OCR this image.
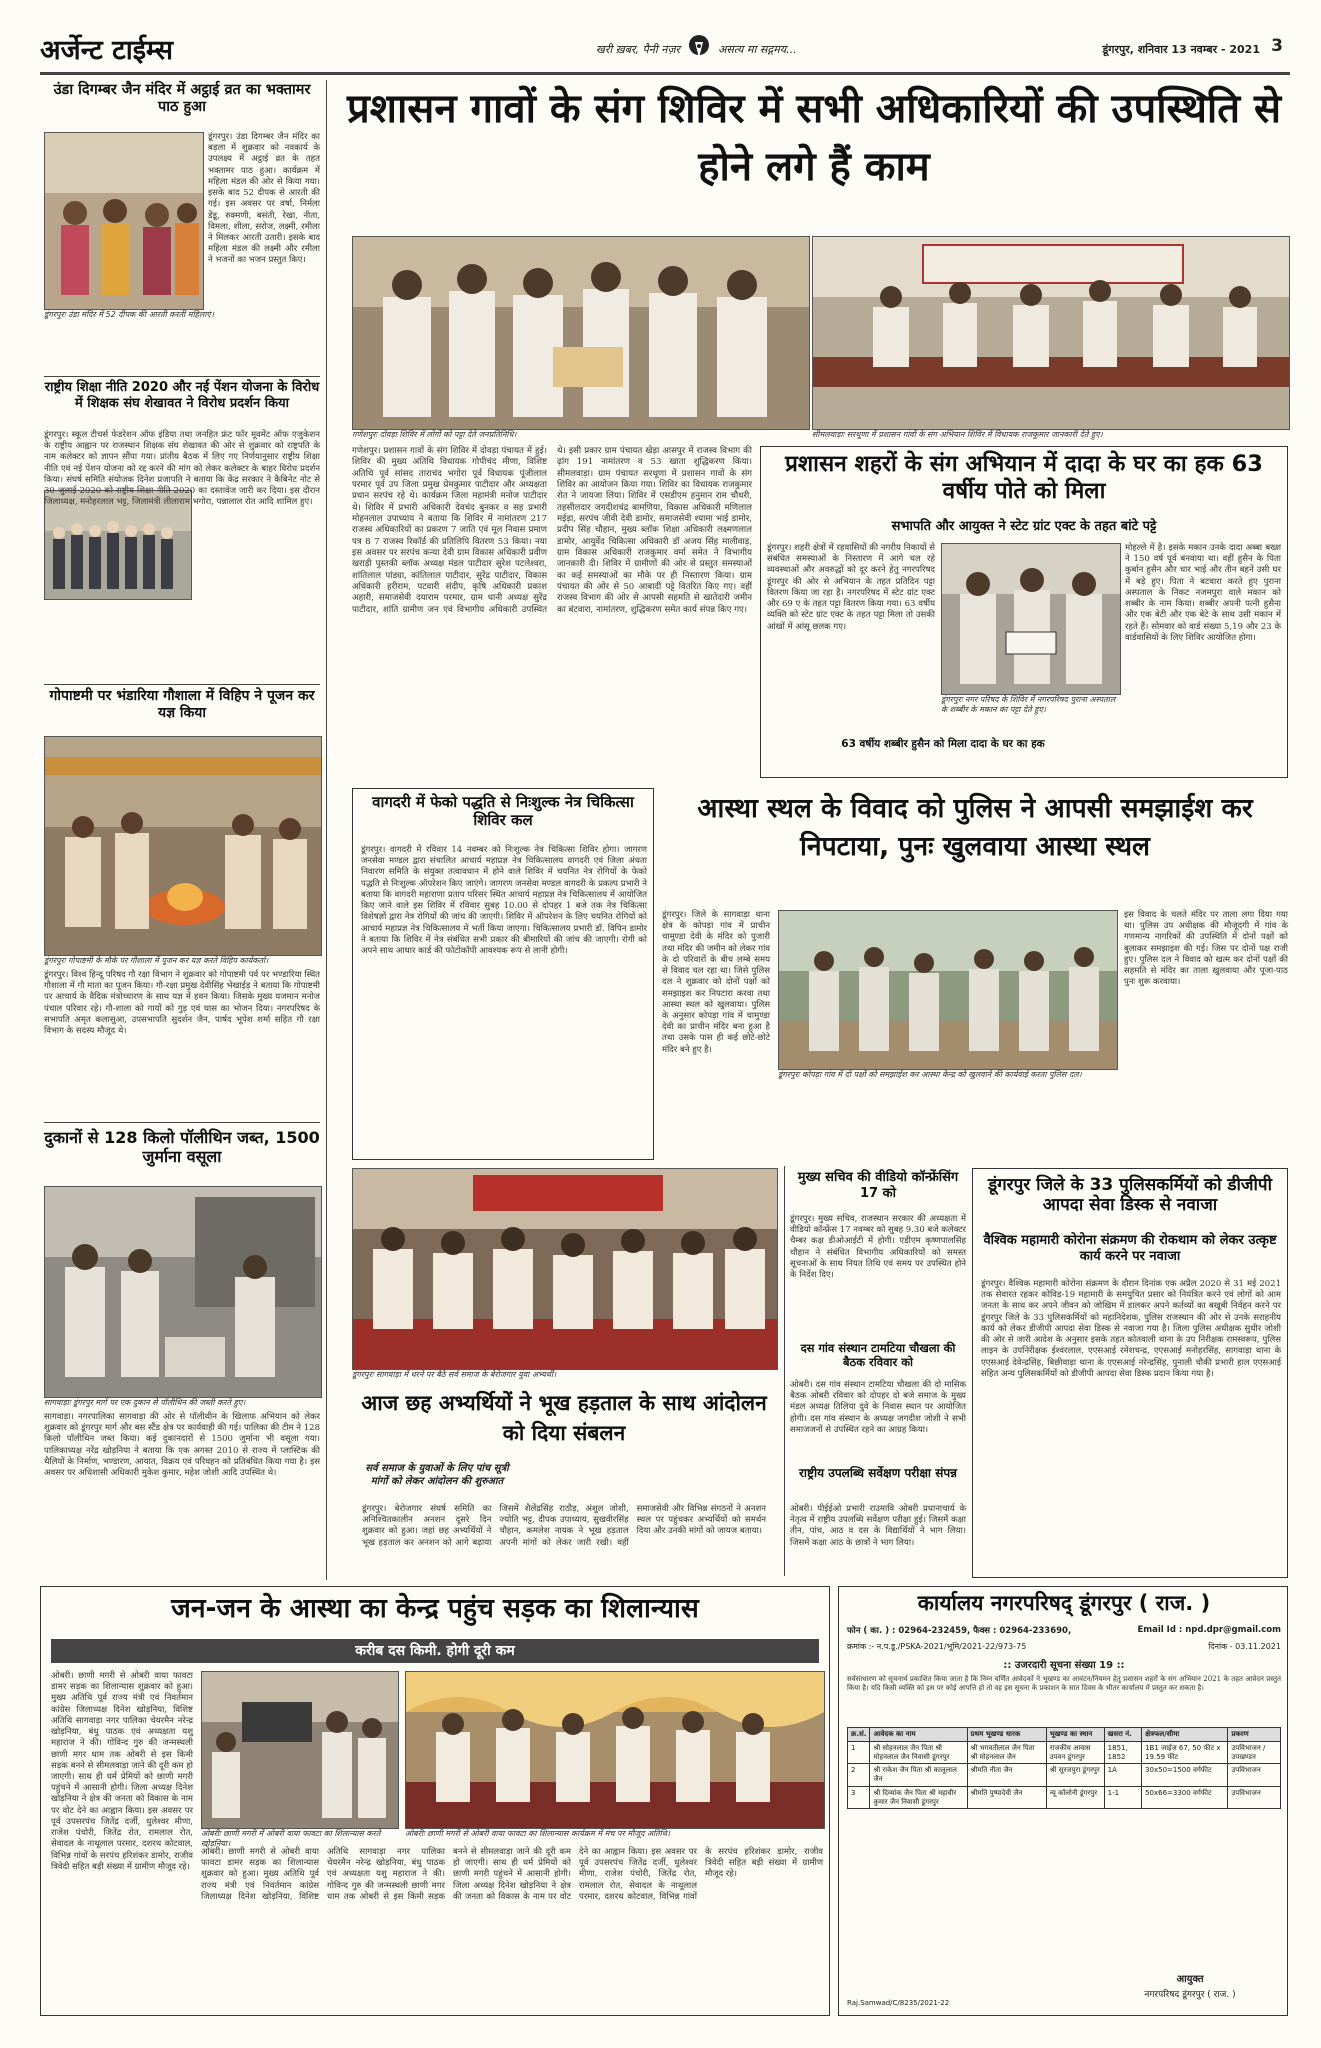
अर्जेन्ट टाईम्स	खरी ख़बर, पैनी नज़र	असत्य मा सद्गमय...	डूंगरपुर, शनिवार 13 नवम्बर - 2021 3
उंडा दिगम्बर जैन मंदिर में अट्ठाई व्रत का भक्तामर पाठ हुआ
डूंगरपुर। उंडा दिगम्बर जैन मंदिर का बड़ला में शुक्रवार को नवकार्य के उपलक्ष्य में अट्ठाई व्रत के तहत भक्तामर पाठ हुआ। कार्यक्रम में महिला मंडल की ओर से किया गया। इसके बाद 52 दीपक से आरती की गई। इस अवसर पर वर्षा, निर्मला डेंडू, रुक्मणी, बसंती, रेखा, नीता, विमला, शीला, सरोज, लक्ष्मी, रमीला ने मिलकर आरती उतारी। इसके बाद महिला मंडल की लक्ष्मी और रमीला ने भजनों का भजन प्रस्तुत किए।
डूंगरपुरः उंडा मंदिर में 52 दीपक की आरती करती महिलाएं।
राष्ट्रीय शिक्षा नीति 2020 और नई पेंशन योजना के विरोध में शिक्षक संघ शेखावत ने विरोध प्रदर्शन किया
डूंगरपुर। स्कूल टीचर्स फेडरेशन ऑफ इंडिया तथा जनहित फ्रंट फॉर मूवमेंट ऑफ एजुकेशन के राष्ट्रीय आह्वान पर राजस्थान शिक्षक संघ शेखावत की ओर से शुक्रवार को राष्ट्रपति के नाम कलेक्टर को ज्ञापन सौंपा गया। प्रांतीय बैठक में लिए गए निर्णयानुसार राष्ट्रीय शिक्षा नीति एवं नई पेंशन योजना को रद्द करने की मांग को लेकर कलेक्टर के बाहर विरोध प्रदर्शन किया। संघर्ष समिति संयोजक दिनेश प्रजापति ने बताया कि केंद्र सरकार ने कैबिनेट नोट से 30 जुलाई 2020 को राष्ट्रीय शिक्षा नीति 2020 का दस्तावेज जारी कर दिया। इस दौरान जिलाध्यक्ष, मनोहरलाल भट्ट, जिलामंत्री लीलाराम भगोरा, पन्नालाल रोत आदि शामिल हुए।
गोपाष्टमी पर भंडारिया गौशाला में विहिप ने पूजन कर यज्ञ किया
डूंगरपुरः गोपाष्टमी के मौके पर गौशाला में पूजन कर यज्ञ करते विहिप कार्यकर्ता।
डूंगरपुर। विश्व हिन्दू परिषद गौ रक्षा विभाग ने शुक्रवार को गोपाष्टमी पर्व पर भण्डारिया स्थित गौशाला में गौ माता का पूजन किया। गौ-रक्षा प्रमुख देवीसिंह भेखाईड़ ने बताया कि गोपाष्टमी पर आचार्य के वैदिक मंत्रोच्चारण के साथ यज्ञ में हवन किया। जिसके मुख्य यजमान मनोज पंचाल परिवार रहे। गौ-शाला को गायों को गुड़ एवं घास का भोजन दिया। नगरपरिषद के सभापति अमृत कलासुआ, उपसभापति सुदर्शन जैन, पार्षद भूपेश शर्मा सहित गौ रक्षा विभाग के सदस्य मौजूद थे।
दुकानों से 128 किलो पॉलीथिन जब्त, 1500 जुर्माना वसूला
सागवाड़ाः डूंगरपुर मार्ग पर एक दुकान से पॉलीथिन की जब्ती करते हुए।
सागवाड़ा। नगरपालिका सागवाड़ा की ओर से पॉलीथीन के खिलाफ अभियान को लेकर शुक्रवार को डूंगरपुर मार्ग और बस स्टैंड क्षेत्र पर कार्यवाही की गई। पालिका की टीम ने 128 किलो पॉलीथिन जब्त किया। कई दुकानदारों से 1500 जुर्माना भी वसूला गया। पालिकाध्यक्ष नरेंद्र खोड़निया ने बताया कि एक अगस्त 2010 से राज्य में प्लास्टिक की थैलियों के निर्माण, भण्डारण, आयात, विक्रय एवं परिवहन को प्रतिबंधित किया गया है। इस अवसर पर अधिशासी अधिकारी मुकेश कुमार, महेश जोशी आदि उपस्थित थे।
प्रशासन गावों के संग शिविर में सभी अधिकारियों की उपस्थिति से होने लगे हैं काम
गणेशपुरः दोवड़ा शिविर में लोगों को पट्टा देते जनप्रतिनिधि।	सीमलवाड़ाः सरथूणा में प्रशासन गांवों के संग अभियान शिविर में विधायक राजकुमार जानकारी देते हुए।
गणेशपुर। प्रशासन गावों के संग शिविर में दोवड़ा पंचायत में हुई। शिविर की मुख्य अतिथि विधायक गोपीचंद मीणा, विशिष्ट अतिथि पूर्व सांसद ताराचंद भगोरा पूर्व विधायक पूंजीलाल परमार पूर्व उप जिला प्रमुख प्रेमकुमार पाटीदार और अध्यक्षता प्रधान सरपंच रहे थे। कार्यक्रम जिला महामंत्री मनोज पाटीदार थे। शिविर में प्रभारी अधिकारी देवचंद बुनकर व सह प्रभारी मोहनलाल उपाध्याय ने बताया कि शिविर में नामांतरण 217 राजस्व अधिकारियों का प्रकरण 7 जाति एवं मूल निवास प्रमाण पत्र 8 7 राजस्व रिकॉर्ड की प्रतिलिपि वितरण 53 किया। नया इस अवसर पर सरपंच कन्या देवी ग्राम विकास अधिकारी प्रवीण खराड़ी पुस्तकी ब्लॉक अध्यक्ष मंडल पाटीदार सुरेश पटलेश्वरा, शांतिलाल पांड्या, कांतिलाल पाटीदार, सुरेंद्र पाटीदार, विकास अधिकारी हरीराम, पटवारी संदीप, कृषि अधिकारी प्रकाश अहारी, समाजसेवी दयाराम परमार, ग्राम धानी अध्यक्ष सुरेंद्र पाटीदार, शांति ग्रामीण जन एवं विभागीय अधिकारी उपस्थित थे। इसी प्रकार ग्राम पंचायत खेड़ा आसपुर में राजस्व विभाग की ढ़ांग 191 नामांतरण व 53 खाता शुद्धिकरण किया। सीमलवाड़ा। ग्राम पंचायत सरथूणा में प्रशासन गावों के संग शिविर का आयोजन किया गया। शिविर का विधायक राजकुमार रोत ने जायजा लिया। शिविर में एसडीएम हनुमान राम चौधरी, तहसीलदार जगदीशचंद्र बामणिया, विकास अधिकारी मणिलाल मईड़ा, सरपंच जीवी देवी डामोर, समाजसेवी श्यामा भाई डामोर, प्रदीप सिंह चौहान, मुख्य ब्लॉक शिक्षा अधिकारी लक्ष्मणलाल डामोर, आयुर्वेद चिकित्सा अधिकारी डॉ अजय सिंह मालीवाड़, ग्राम विकास अधिकारी राजकुमार वर्मा समेत ने विभागीय जानकारी दी। शिविर में ग्रामीणों की ओर से प्रस्तुत समस्याओं का कई समस्याओं का मौके पर ही निस्तारण किया। ग्राम पंचायत की ओर से 50 आबादी पट्टे वितरित किए गए। वहीं राजस्व विभाग की ओर से आपसी सहमति से खातेदारी जमीन का बंटवारा, नामांतरण, शुद्धिकरण समेत कार्य संपन्न किए गए।
प्रशासन शहरों के संग अभियान में दादा के घर का हक 63 वर्षीय पोते को मिला
सभापति और आयुक्त ने स्टेट ग्रांट एक्ट के तहत बांटे पट्टे
डूंगरपुर। शहरी क्षेत्रों में रहवासियों की नगरीय निकायों से संबंधित समस्याओं के निस्तारण में आगे चल रहे व्यवस्थाओं और अवरुद्धों को दूर करने हेतु नगरपरिषद डूंगरपुर की ओर से अभियान के तहत प्रतिदिन पट्टा वितरण किया जा रहा है। नगरपरिषद में स्टेट ग्रांट एक्ट और 69 ए के तहत पट्टा वितरण किया गया। 63 वर्षीय व्यक्ति को स्टेट ग्रांट एक्ट के तहत पट्टा मिला तो उसकी आंखों में आंसू छलक गए।
डूंगरपुरः नगर परिषद के शिविर में नगरपरिषद पुराना अस्पताल के शब्बीर के मकान का पट्टा देते हुए।
मोहल्ले में है। इसके मकान उनके दादा अब्बा बख्श ने 150 वर्ष पूर्व बनवाया था। वहीं हुसैन के पिता कुर्बान हुसैन और चार भाई और तीन बहनें उसी घर में बड़े हुए। पिता ने बटवारा करते हुए पुराना अस्पताल के निकट नजमपुरा वाले मकान को शब्बीर के नाम किया। शब्बीर अपनी पत्नी हुसैना और एक बेटी और एक बेटे के साथ उसी मकान में रहते हैं। सोमवार को वार्ड संख्या 5,19 और 23 के वार्डवासियों के लिए शिविर आयोजित होगा।
63 वर्षीय शब्बीर हुसैन को मिला दादा के घर का हक
वागदरी में फेको पद्धति से निःशुल्क नेत्र चिकित्सा शिविर कल
डूंगरपुर। वागदरी में रविवार 14 नवम्बर को निःशुल्क नेत्र चिकित्सा शिविर होगा। जागरण जनसेवा मण्डल द्वारा संचालित आचार्य महाप्रज्ञ नेत्र चिकित्सालय वागदरी एवं जिला अंधता निवारण समिति के संयुक्त तत्वावधान में होने वाले शिविर में चयनित नेत्र रोगियों के फेको पद्धति से निःशुल्क ऑपरेशन किए जाएंगे। जागरण जनसेवा मण्डल वागदरी के प्रकल्प प्रभारी ने बताया कि वागदरी महाराणा प्रताप परिसर स्थित आचार्य महाप्रज्ञ नेत्र चिकित्सालय में आयोजित किए जाने वाले इस शिविर में रविवार सुबह 10.00 से दोपहर 1 बजे तक नेत्र चिकित्सा विशेषज्ञों द्वारा नेत्र रोगियों की जांच की जाएगी। शिविर में ऑपरेशन के लिए चयनित रोगियों को आचार्य महाप्रज्ञ नेत्र चिकित्सालय में भर्ती किया जाएगा। चिकित्सालय प्रभारी डॉ. विपिन डामोर ने बताया कि शिविर में नेत्र संबंधित सभी प्रकार की बीमारियों की जांच की जाएगी। रोगी को अपने साथ आधार कार्ड की फोटोकॉपी आवश्यक रूप से लानी होगी।
आस्था स्थल के विवाद को पुलिस ने आपसी समझाईश कर निपटाया, पुनः खुलवाया आस्था स्थल
डूंगरपुर। जिले के सागवाड़ा थाना क्षेत्र के कोपड़ा गांव में प्राचीन चामुण्डा देवी के मंदिर को पुजारी तथा मंदिर की जमीन को लेकर गांव के दो परिवारों के बीच लम्बे समय से विवाद चल रहा था। जिसे पुलिस दल ने शुक्रवार को दोनों पक्षों को समझाइश कर निपटारा करवा तथा आस्था स्थल को खुलवाया। पुलिस के अनुसार कोपड़ा गांव में चामुण्डा देवी का प्राचीन मंदिर बना हुआ है तथा उसके पास ही कई छोटे-छोटे मंदिर बने हुए है।
डूंगरपुरः कोपड़ा गांव में दो पक्षों को समझाईश कर आस्था केन्द्र को खुलवाने की कार्यवाई करता पुलिस दल।
इस विवाद के चलते मंदिर पर ताला लगा दिया गया था। पुलिस उप अधीक्षक की मौजूदगी में गांव के गणमान्य नागरिकों की उपस्थिति में दोनों पक्षों को बुलाकर समझाइश की गई। जिस पर दोनों पक्ष राजी हुए। पुलिस दल ने विवाद को खत्म कर दोनों पक्षों की सहमति से मंदिर का ताला खुलवाया और पूजा-पाठ पुनः शुरू करवाया।
डूंगरपुरः सागवाड़ा में धरने पर बैठे सर्व समाज के बेरोजगार युवा अभ्यर्थी।
आज छह अभ्यर्थियों ने भूख हड़ताल के साथ आंदोलन को दिया संबलन
सर्व समाज के युवाओं के लिए पांच सूत्री मांगों को लेकर आंदोलन की शुरुआत
डूंगरपुर। बेरोजगार संघर्ष समिति का अनिश्चितकालीन अनशन दूसरे दिन शुक्रवार को हुआ। जहां छह अभ्यर्थियों ने भूख हड़ताल कर अनशन को आगे बढ़ाया जिसमें शैलेंद्रसिंह राठौड़, अंशुल जोशी, ज्योति भट्ट, दीपक उपाध्याय, सुखवीरसिंह चौहान, कमलेश नायक ने भूख हड़ताल अपनी मांगों को लेकर जारी रखी। वहीं समाजसेवी और विभिन्न संगठनों ने अनशन स्थल पर पहुंचकर अभ्यर्थियों को समर्थन दिया और उनकी मांगों को जायज बताया।
मुख्य सचिव की वीडियो कॉन्फ्रेंसिंग 17 को
डूंगरपुर। मुख्य सचिव, राजस्थान सरकार की अध्यक्षता में वीडियो कॉन्फ्रेंस 17 नवम्बर को सुबह 9.30 बजे कलेक्टर चैम्बर कक्ष डीओआईटी में होगी। एडीएम कृष्णपालसिंह चौहान ने संबंधित विभागीय अधिकारियों को समस्त सूचनाओं के साथ नियत तिथि एवं समय पर उपस्थित होने के निर्देश दिए।
दस गांव संस्थान टामटिया चौखला की बैठक रविवार को
ओबरी। दस गांव संस्थान टामटिया चौखला की दो मासिक बैठक ओबरी रविवार को दोपहर दो बजे समाज के मुख्य मंडल अध्यक्ष तिलिया दुवे के निवास स्थान पर आयोजित होगी। दस गांव संस्थान के अध्यक्ष जगदीश जोशी ने सभी समाजजनों से उपस्थित रहने का आग्रह किया।
राष्ट्रीय उपलब्धि सर्वेक्षण परीक्षा संपन्न
ओबरी। पीईईओ प्रभारी राउमावि ओबरी प्रधानाचार्य के नेतृत्व में राष्ट्रीय उपलब्धि सर्वेक्षण परीक्षा हुई। जिसमें कक्षा तीन, पांच, आठ व दस के विद्यार्थियों ने भाग लिया। जिसमें कक्षा आठ के छात्रों ने भाग लिया।
डूंगरपुर जिले के 33 पुलिसकर्मियों को डीजीपी आपदा सेवा डिस्क से नवाजा
वैश्विक महामारी कोरोना संक्रमण की रोकथाम को लेकर उत्कृष्ट कार्य करने पर नवाजा
डूंगरपुर। वैश्विक महामारी कोरोना संक्रमण के दौरान दिनांक एक अप्रैल 2020 से 31 मई 2021 तक सेवारत रहकर कोविड-19 महामारी के समयुचित प्रसार को नियंत्रित करने एवं लोगों को आम जनता के साथ कर अपने जीवन को जोखिम में डालकर अपने कर्तव्यों का बखूबी निर्वहन करने पर डूंगरपुर जिले के 33 पुलिसकर्मियों को महानिदेशक, पुलिस राजस्थान की ओर से उनके सराहनीय कार्य को लेकर डीजीपी आपदा सेवा डिस्क से नवाजा गया है। जिला पुलिस अधीक्षक सुधीर जोशी की ओर से जारी आदेश के अनुसार इसके तहत कोतवाली थाना के उप निरीक्षक रामस्वरूप, पुलिस लाइन के उपनिरीक्षक ईश्वरलाल, एएसआई रमेशचन्द्र, एएसआई मनोहरसिंह, सागवाड़ा थाना के एएसआई देवेन्द्रसिंह, बिछीवाड़ा थाना के एएसआई नरेन्द्रसिंह, पुनाली चौकी प्रभारी हाल एएसआई सहित अन्य पुलिसकर्मियों को डीजीपी आपदा सेवा डिस्क प्रदान किया गया है।
जन-जन के आस्था का केन्द्र पहुंच सड़क का शिलान्यास
करीब दस किमी. होगी दूरी कम
ओबरीः छाणी मगरी में ओबरी वाया फावटा का शिलान्यास करते खोड़निया।
ओबरीः छाणी मगरी से ओबरी वाया फावटा का शिलान्यास कार्यक्रम में मंच पर मौजूद अतिथि।
ओबरी। छाणी मगरी से ओबरी वाया फावटा डामर सड़क का शिलान्यास शुक्रवार को हुआ। मुख्य अतिथि पूर्व राज्य मंत्री एवं निवर्तमान कांग्रेस जिलाध्यक्ष दिनेश खोड़निया, विशिष्ट अतिथि सागवाड़ा नगर पालिका चेयरमैन नरेन्द्र खोड़निया, बंधु पाठक एवं अध्यक्षता यशु महाराज ने की। गोविन्द गुरु की जन्मस्थली छाणी मगर धाम तक ओबरी से इस किमी सड़क बनने से सीमलवाड़ा जाने की दूरी कम हो जाएगी। साथ ही धर्म प्रेमियों को छाणी मगरी पहुंचने में आसानी होगी। जिला अध्यक्ष दिनेश खोड़निया ने क्षेत्र की जनता को विकास के नाम पर वोट देने का आह्वान किया। इस अवसर पर पूर्व उपसरपंच जितेंद्र दर्जी, धुलेश्वर मीणा, राजेश पंचोरी, जितेंद्र रोत, रामलाल रोत, सेवादल के नाथूलाल परमार, दशरथ कोटवाल, विभिन्न गांवों के सरपंच हरिशंकर डामोर, राजीव त्रिवेदी सहित बड़ी संख्या में ग्रामीण मौजूद रहे।
ओबरी। छाणी मगरी से ओबरी वाया फावटा डामर सड़क का शिलान्यास शुक्रवार को हुआ। मुख्य अतिथि पूर्व राज्य मंत्री एवं निवर्तमान कांग्रेस जिलाध्यक्ष दिनेश खोड़निया, विशिष्ट अतिथि सागवाड़ा नगर पालिका चेयरमैन नरेन्द्र खोड़निया, बंधु पाठक एवं अध्यक्षता यशु महाराज ने की। गोविन्द गुरु की जन्मस्थली छाणी मगर धाम तक ओबरी से इस किमी सड़क बनने से सीमलवाड़ा जाने की दूरी कम हो जाएगी। साथ ही धर्म प्रेमियों को छाणी मगरी पहुंचने में आसानी होगी। जिला अध्यक्ष दिनेश खोड़निया ने क्षेत्र की जनता को विकास के नाम पर वोट देने का आह्वान किया। इस अवसर पर पूर्व उपसरपंच जितेंद्र दर्जी, धुलेश्वर मीणा, राजेश पंचोरी, जितेंद्र रोत, रामलाल रोत, सेवादल के नाथूलाल परमार, दशरथ कोटवाल, विभिन्न गांवों के सरपंच हरिशंकर डामोर, राजीव त्रिवेदी सहित बड़ी संख्या में ग्रामीण मौजूद रहे।
कार्यालय नगरपरिषद् डूंगरपुर ( राज. )
फोन ( का. ) : 02964-232459, फैक्स : 02964-233690,	Email Id : npd.dpr@gmail.com
क्रमांक :- न.प.डू./PSKA-2021/भूमि/2021-22/973-75	दिनांक - 03.11.2021
:: उजरदारी सूचना संख्या 19 ::
सर्वसाधारण को सूचनार्थ प्रकाशित किया जाता है कि निम्न वर्णित आवेदकों ने भूखण्ड का आवंटन/नियमन हेतु प्रशासन शहरों के संग अभियान 2021 के तहत आवेदन प्रस्तुत किया है। यदि किसी व्यक्ति को इस पर कोई आपत्ति हो तो वह इस सूचना के प्रकाशन के सात दिवस के भीतर कार्यालय में प्रस्तुत कर सकता है।
क्र.सं.	आवेदक का नाम	प्रथम भूखण्ड धारक	भूखण्ड का स्थान	खसरा नं.	क्षेत्रफल/सीमा	प्रकरण
1	श्री सोहनलाल जैन पिता श्री मोहनलाल जैन निवासी डूंगरपुर	श्री भगवतीलाल जैन पिता श्री मोहनलाल जैन	राजकीय आवास उपवन डूंगरपुर	1851, 1852	1B1 जाईज 67, 50 फीट x 19.59 फीट	उपविभाजन / उपखण्डन
2	श्री राकेश जैन पिता श्री कालूलाल जैन	श्रीमति नीता जैन	श्री सूरजपुरा डूंगरपुर	1A	30x50=1500 वर्गफीट	उपविभाजन
3	श्री दिव्यांक जैन पिता श्री महावीर कुमार जैन निवासी डूंगरपुर	श्रीमति पुष्पादेवी जैन	न्यू कॉलोनी डूंगरपुर	1-1	50x66=3300 वर्गफीट	उपविभाजन
आयुक्त
नगरपरिषद डूंगरपुर ( राज. )
Raj.Samwad/C/8235/2021-22
